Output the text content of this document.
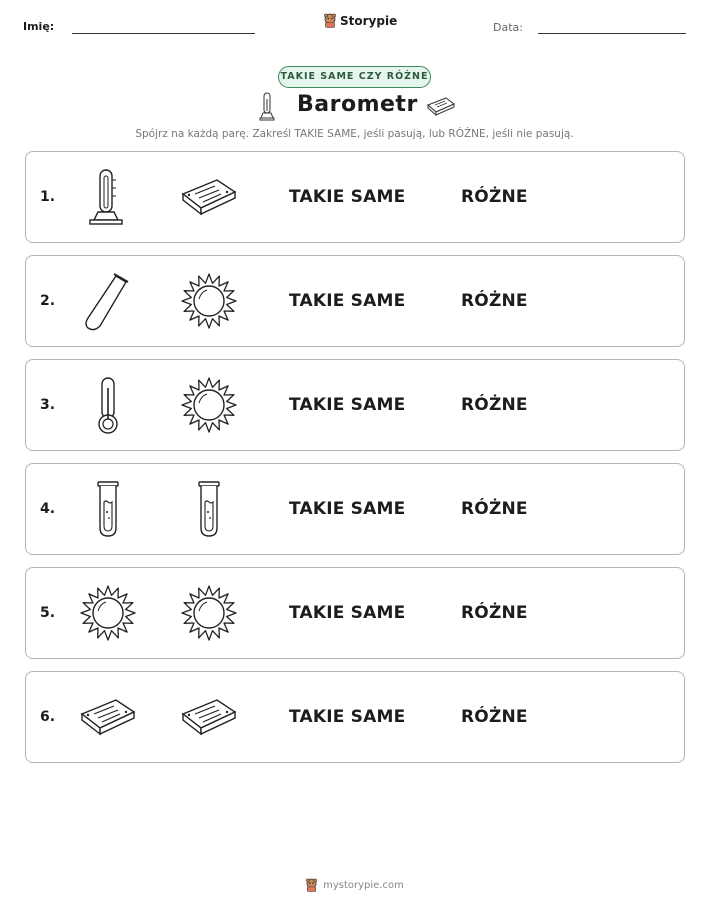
Imię:	Storypie	Data:
TAKIE SAME CZY RÓŻNE
Barometr
Spójrz na każdą parę. Zakreśl TAKIE SAME, jeśli pasują, lub RÓŻNE, jeśli nie pasują.
1.	TAKIE SAME	RÓŻNE
2.	TAKIE SAME	RÓŻNE
3.	TAKIE SAME	RÓŻNE
4.	TAKIE SAME	RÓŻNE
5.	TAKIE SAME	RÓŻNE
6.	TAKIE SAME	RÓŻNE
mystorypie.com
